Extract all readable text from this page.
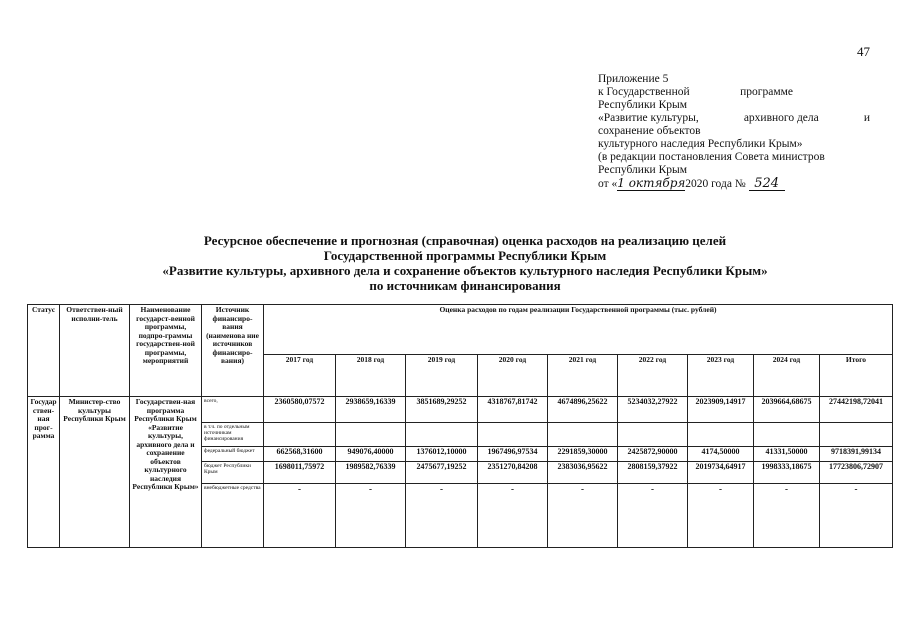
47
Приложение 5
к Государственной	программе
Республики Крым
«Развитие культуры,	архивного дела	и
сохранение объектов
культурного наследия Республики Крым»
(в редакции постановления Совета министров
Республики Крым
от «1 октября2020 года № 524
Ресурсное обеспечение и прогнозная (справочная) оценка расходов на реализацию целей
Государственной программы Республики Крым
«Развитие культуры, архивного дела и сохранение объектов культурного наследия Республики Крым»
по источникам финансирования
Статус	Ответствен-ный исполни-тель	Наименование государст-венной программы, подпро-граммы государствен-ной программы, мероприятий	Источник финансиро-вания (наименова ние источников финансиро-вания)	Оценка расходов по годам реализации Государственной программы (тыс. рублей)								
				2017 год	2018 год	2019 год	2020 год	2021 год	2022 год	2023 год	2024 год	Итого
Государ ствен-ная прог-рамма	Министер-ство культуры Республики Крым	Государствен-ная программа Республики Крым «Развитие культуры, архивного дела и сохранение объектов культурного наследия Республики Крым»	всего,	2360580,07572	2938659,16339	3851689,29252	4318767,81742	4674896,25622	5234032,27922	2023909,14917	2039664,68675	27442198,72041
			в т.ч. по отдельным источникам финансирования									
			федеральный бюджет	662568,31600	949076,40000	1376012,10000	1967496,97534	2291859,30000	2425872,90000	4174,50000	41331,50000	9718391,99134
			бюджет Республики Крым	1698011,75972	1989582,76339	2475677,19252	2351270,84208	2383036,95622	2808159,37922	2019734,64917	1998333,18675	17723806,72907
			внебюджетные средства	-	-	-	-	-	-	-	-	-
